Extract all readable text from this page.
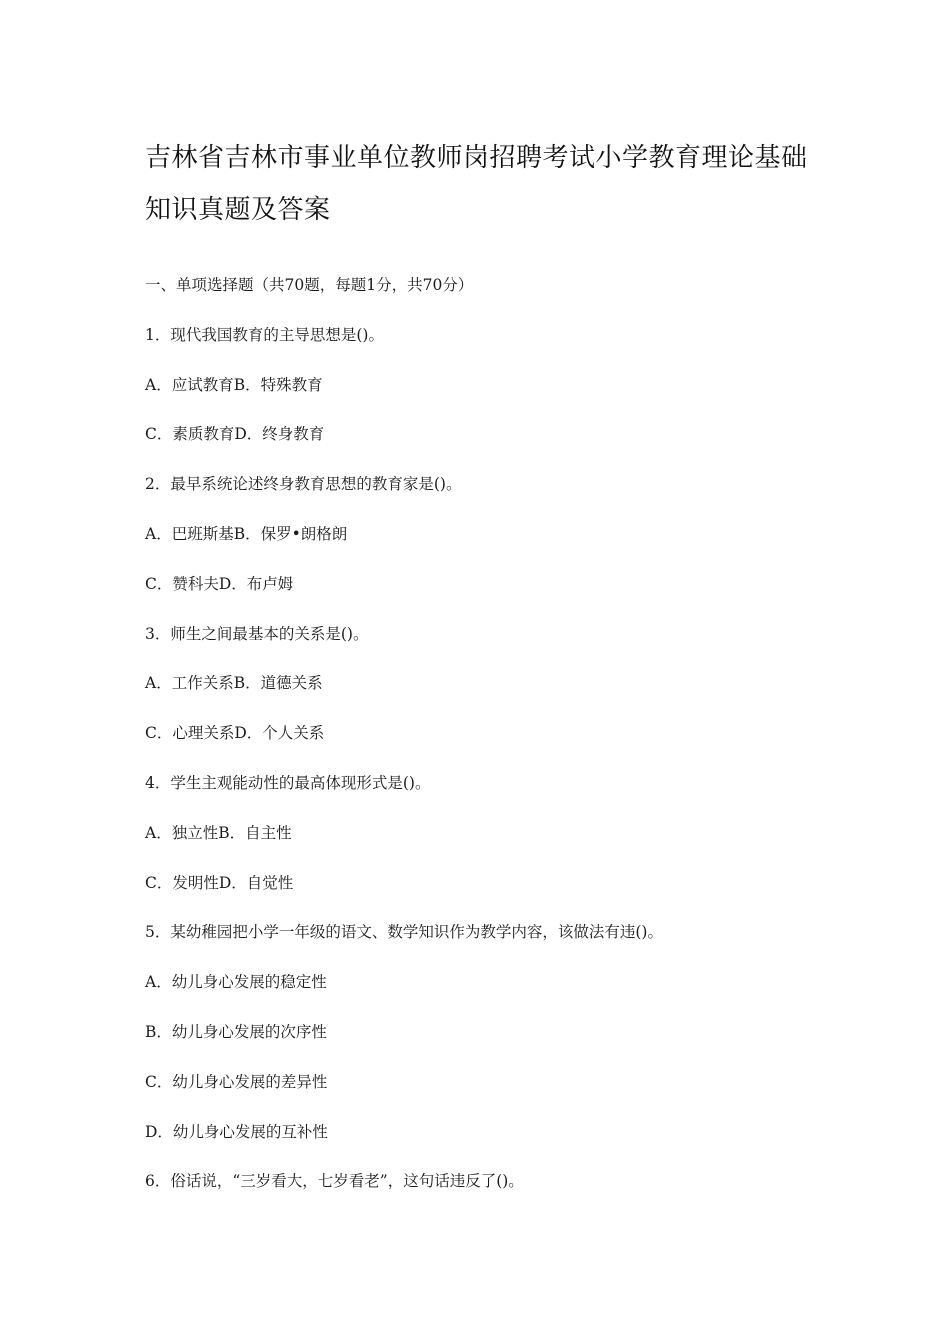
吉林省吉林市事业单位教师岗招聘考试小学教育理论基础
知识真题及答案
一、单项选择题（共70题，每题1分，共70分）
1．现代我国教育的主导思想是()。
A．应试教育B．特殊教育
C．素质教育D．终身教育
2．最早系统论述终身教育思想的教育家是()。
A．巴班斯基B．保罗•朗格朗
C．赞科夫D．布卢姆
3．师生之间最基本的关系是()。
A．工作关系B．道德关系
C．心理关系D．个人关系
4．学生主观能动性的最高体现形式是()。
A．独立性B．自主性
C．发明性D．自觉性
5．某幼稚园把小学一年级的语文、数学知识作为教学内容，该做法有违()。
A．幼儿身心发展的稳定性
B．幼儿身心发展的次序性
C．幼儿身心发展的差异性
D．幼儿身心发展的互补性
6．俗话说，“三岁看大，七岁看老”，这句话违反了()。
